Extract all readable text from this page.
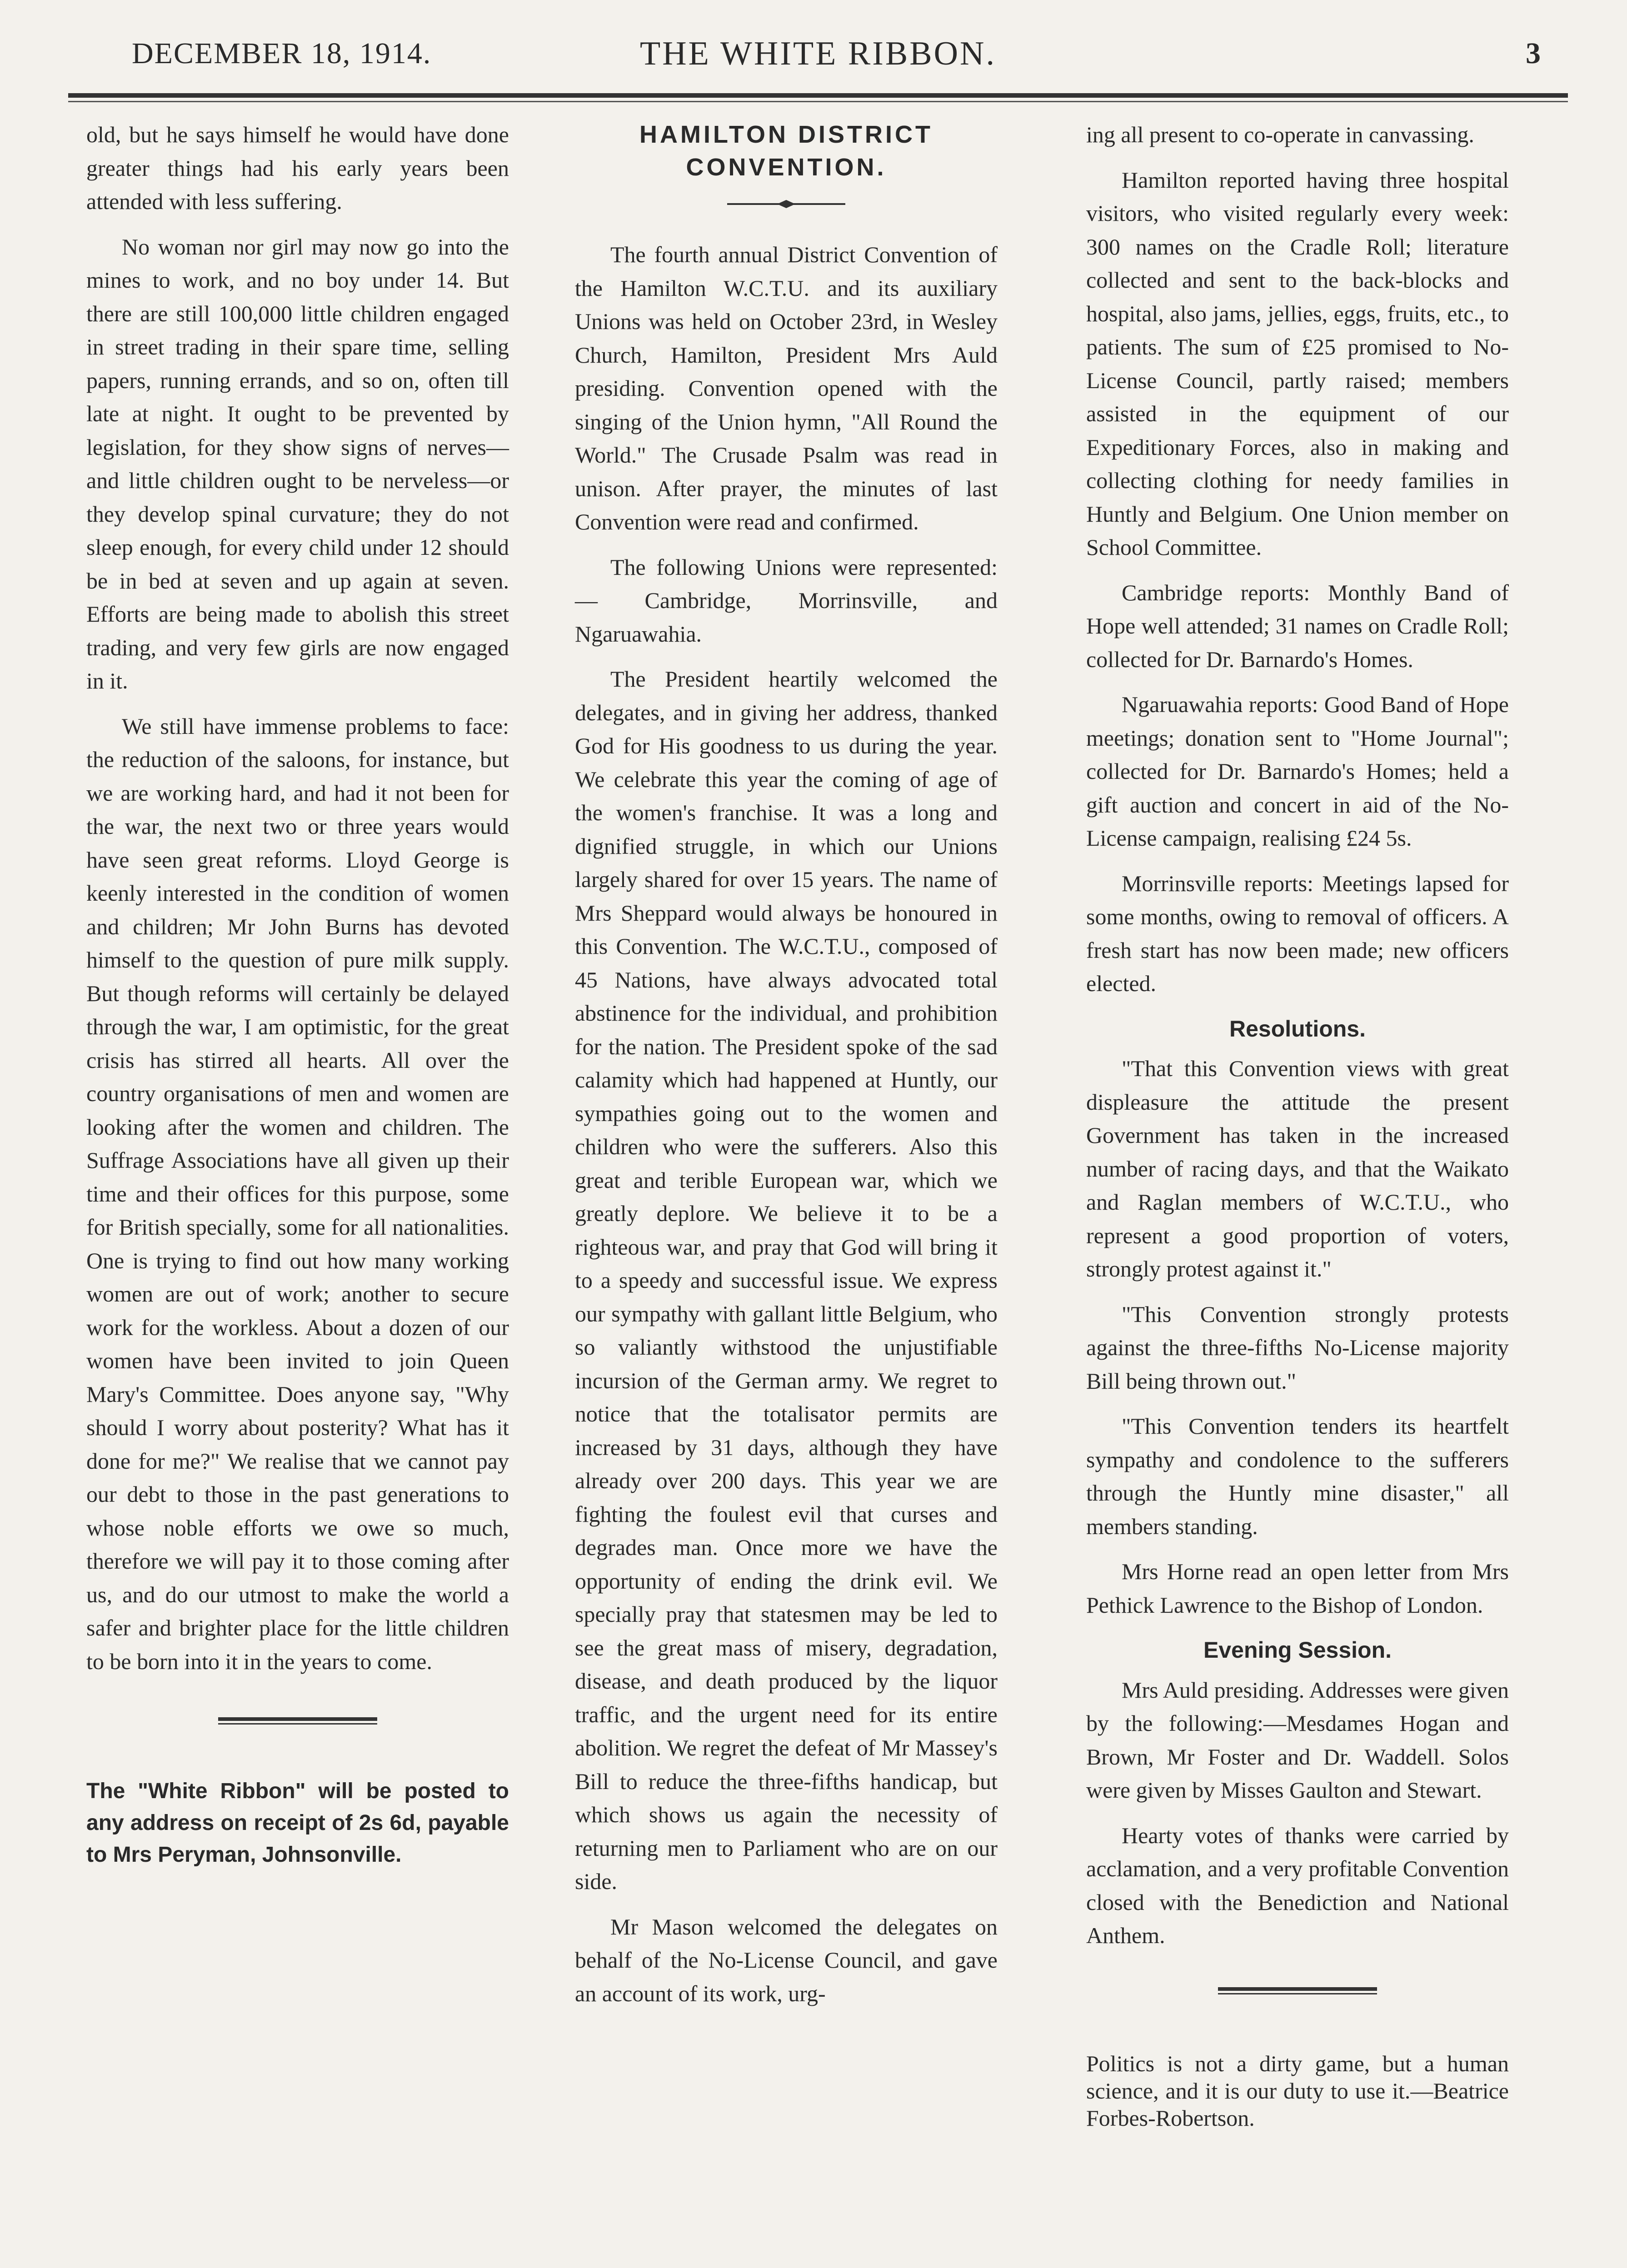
DECEMBER 18, 1914.	THE WHITE RIBBON.	3

old, but he says himself he would have done greater things had his early years been attended with less suffering.

No woman nor girl may now go into the mines to work, and no boy under 14. But there are still 100,000 little children engaged in street trading in their spare time, selling papers, running errands, and so on, often till late at night. It ought to be prevented by legislation, for they show signs of nerves—and little children ought to be nerveless—or they develop spinal curvature; they do not sleep enough, for every child under 12 should be in bed at seven and up again at seven. Efforts are being made to abolish this street trading, and very few girls are now engaged in it.

We still have immense problems to face: the reduction of the saloons, for instance, but we are working hard, and had it not been for the war, the next two or three years would have seen great reforms. Lloyd George is keenly interested in the condition of women and children; Mr John Burns has devoted himself to the question of pure milk supply. But though reforms will certainly be delayed through the war, I am optimistic, for the great crisis has stirred all hearts. All over the country organisations of men and women are looking after the women and children. The Suffrage Associations have all given up their time and their offices for this purpose, some for British specially, some for all nationalities. One is trying to find out how many working women are out of work; another to secure work for the workless. About a dozen of our women have been invited to join Queen Mary's Committee. Does anyone say, "Why should I worry about posterity? What has it done for me?" We realise that we cannot pay our debt to those in the past generations to whose noble efforts we owe so much, therefore we will pay it to those coming after us, and do our utmost to make the world a safer and brighter place for the little children to be born into it in the years to come.

The "White Ribbon" will be posted to any address on receipt of 2s 6d, payable to Mrs Peryman, Johnsonville.
HAMILTON DISTRICT CONVENTION.

The fourth annual District Convention of the Hamilton W.C.T.U. and its auxiliary Unions was held on October 23rd, in Wesley Church, Hamilton, President Mrs Auld presiding. Convention opened with the singing of the Union hymn, "All Round the World." The Crusade Psalm was read in unison. After prayer, the minutes of last Convention were read and confirmed.

The following Unions were represented: — Cambridge, Morrinsville, and Ngaruawahia.

The President heartily welcomed the delegates, and in giving her address, thanked God for His goodness to us during the year. We celebrate this year the coming of age of the women's franchise. It was a long and dignified struggle, in which our Unions largely shared for over 15 years. The name of Mrs Sheppard would always be honoured in this Convention. The W.C.T.U., composed of 45 Nations, have always advocated total abstinence for the individual, and prohibition for the nation. The President spoke of the sad calamity which had happened at Huntly, our sympathies going out to the women and children who were the sufferers. Also this great and terible European war, which we greatly deplore. We believe it to be a righteous war, and pray that God will bring it to a speedy and successful issue. We express our sympathy with gallant little Belgium, who so valiantly withstood the unjustifiable incursion of the German army. We regret to notice that the totalisator permits are increased by 31 days, although they have already over 200 days. This year we are fighting the foulest evil that curses and degrades man. Once more we have the opportunity of ending the drink evil. We specially pray that statesmen may be led to see the great mass of misery, degradation, disease, and death produced by the liquor traffic, and the urgent need for its entire abolition. We regret the defeat of Mr Massey's Bill to reduce the three-fifths handicap, but which shows us again the necessity of returning men to Parliament who are on our side.

Mr Mason welcomed the delegates on behalf of the No-License Council, and gave an account of its work, urg-

ing all present to co-operate in canvassing.

Hamilton reported having three hospital visitors, who visited regularly every week: 300 names on the Cradle Roll; literature collected and sent to the back-blocks and hospital, also jams, jellies, eggs, fruits, etc., to patients. The sum of £25 promised to No-License Council, partly raised; members assisted in the equipment of our Expeditionary Forces, also in making and collecting clothing for needy families in Huntly and Belgium. One Union member on School Committee.

Cambridge reports: Monthly Band of Hope well attended; 31 names on Cradle Roll; collected for Dr. Barnardo's Homes.

Ngaruawahia reports: Good Band of Hope meetings; donation sent to "Home Journal"; collected for Dr. Barnardo's Homes; held a gift auction and concert in aid of the No-License campaign, realising £24 5s.

Morrinsville reports: Meetings lapsed for some months, owing to removal of officers. A fresh start has now been made; new officers elected.

Resolutions.

"That this Convention views with great displeasure the attitude the present Government has taken in the increased number of racing days, and that the Waikato and Raglan members of W.C.T.U., who represent a good proportion of voters, strongly protest against it."

"This Convention strongly protests against the three-fifths No-License majority Bill being thrown out."

"This Convention tenders its heartfelt sympathy and condolence to the sufferers through the Huntly mine disaster," all members standing.

Mrs Horne read an open letter from Mrs Pethick Lawrence to the Bishop of London.

Evening Session.

Mrs Auld presiding. Addresses were given by the following:—Mesdames Hogan and Brown, Mr Foster and Dr. Waddell. Solos were given by Misses Gaulton and Stewart.

Hearty votes of thanks were carried by acclamation, and a very profitable Convention closed with the Benediction and National Anthem.

Politics is not a dirty game, but a human science, and it is our duty to use it.—Beatrice Forbes-Robertson.
